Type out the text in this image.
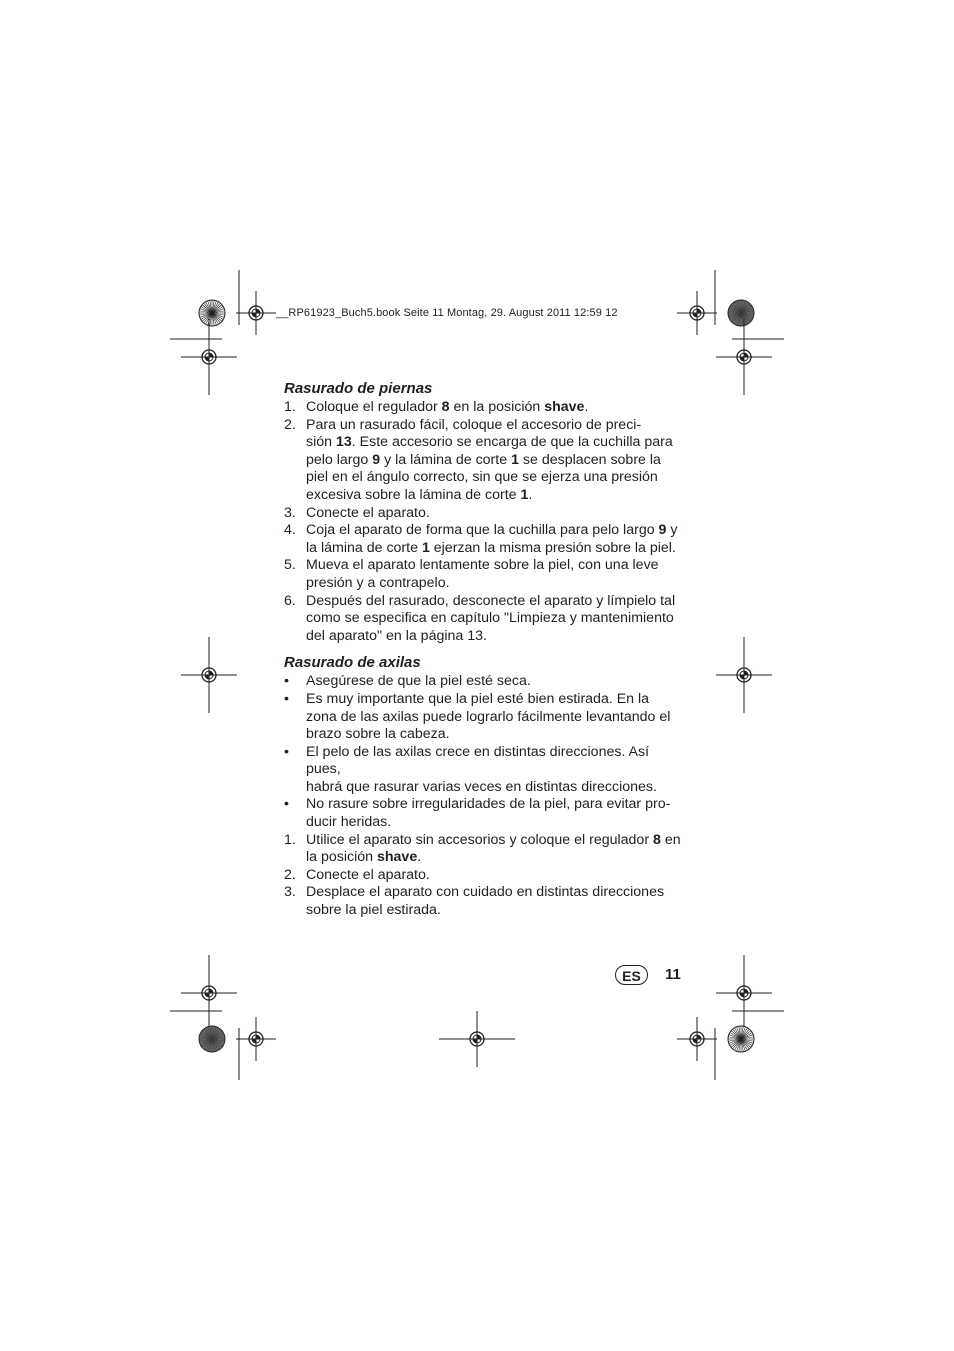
__RP61923_Buch5.book Seite 11 Montag, 29. August 2011 12:59 12
Rasurado de piernas
1. Coloque el regulador 8 en la posición shave.
2. Para un rasurado fácil, coloque el accesorio de preci-
sión 13. Este accesorio se encarga de que la cuchilla para
pelo largo 9 y la lámina de corte 1 se desplacen sobre la
piel en el ángulo correcto, sin que se ejerza una presión
excesiva sobre la lámina de corte 1.
3. Conecte el aparato.
4. Coja el aparato de forma que la cuchilla para pelo largo 9 y
la lámina de corte 1 ejerzan la misma presión sobre la piel.
5. Mueva el aparato lentamente sobre la piel, con una leve
presión y a contrapelo.
6. Después del rasurado, desconecte el aparato y límpielo tal
como se especifica en capítulo "Limpieza y mantenimiento
del aparato" en la página 13.
Rasurado de axilas
•	Asegúrese de que la piel esté seca.
•	Es muy importante que la piel esté bien estirada. En la
zona de las axilas puede lograrlo fácilmente levantando el
brazo sobre la cabeza.
•	El pelo de las axilas crece en distintas direcciones. Así pues,
habrá que rasurar varias veces en distintas direcciones.
•	No rasure sobre irregularidades de la piel, para evitar pro-
ducir heridas.
1. Utilice el aparato sin accesorios y coloque el regulador 8 en
la posición shave.
2. Conecte el aparato.
3. Desplace el aparato con cuidado en distintas direcciones
sobre la piel estirada.
ES	11
